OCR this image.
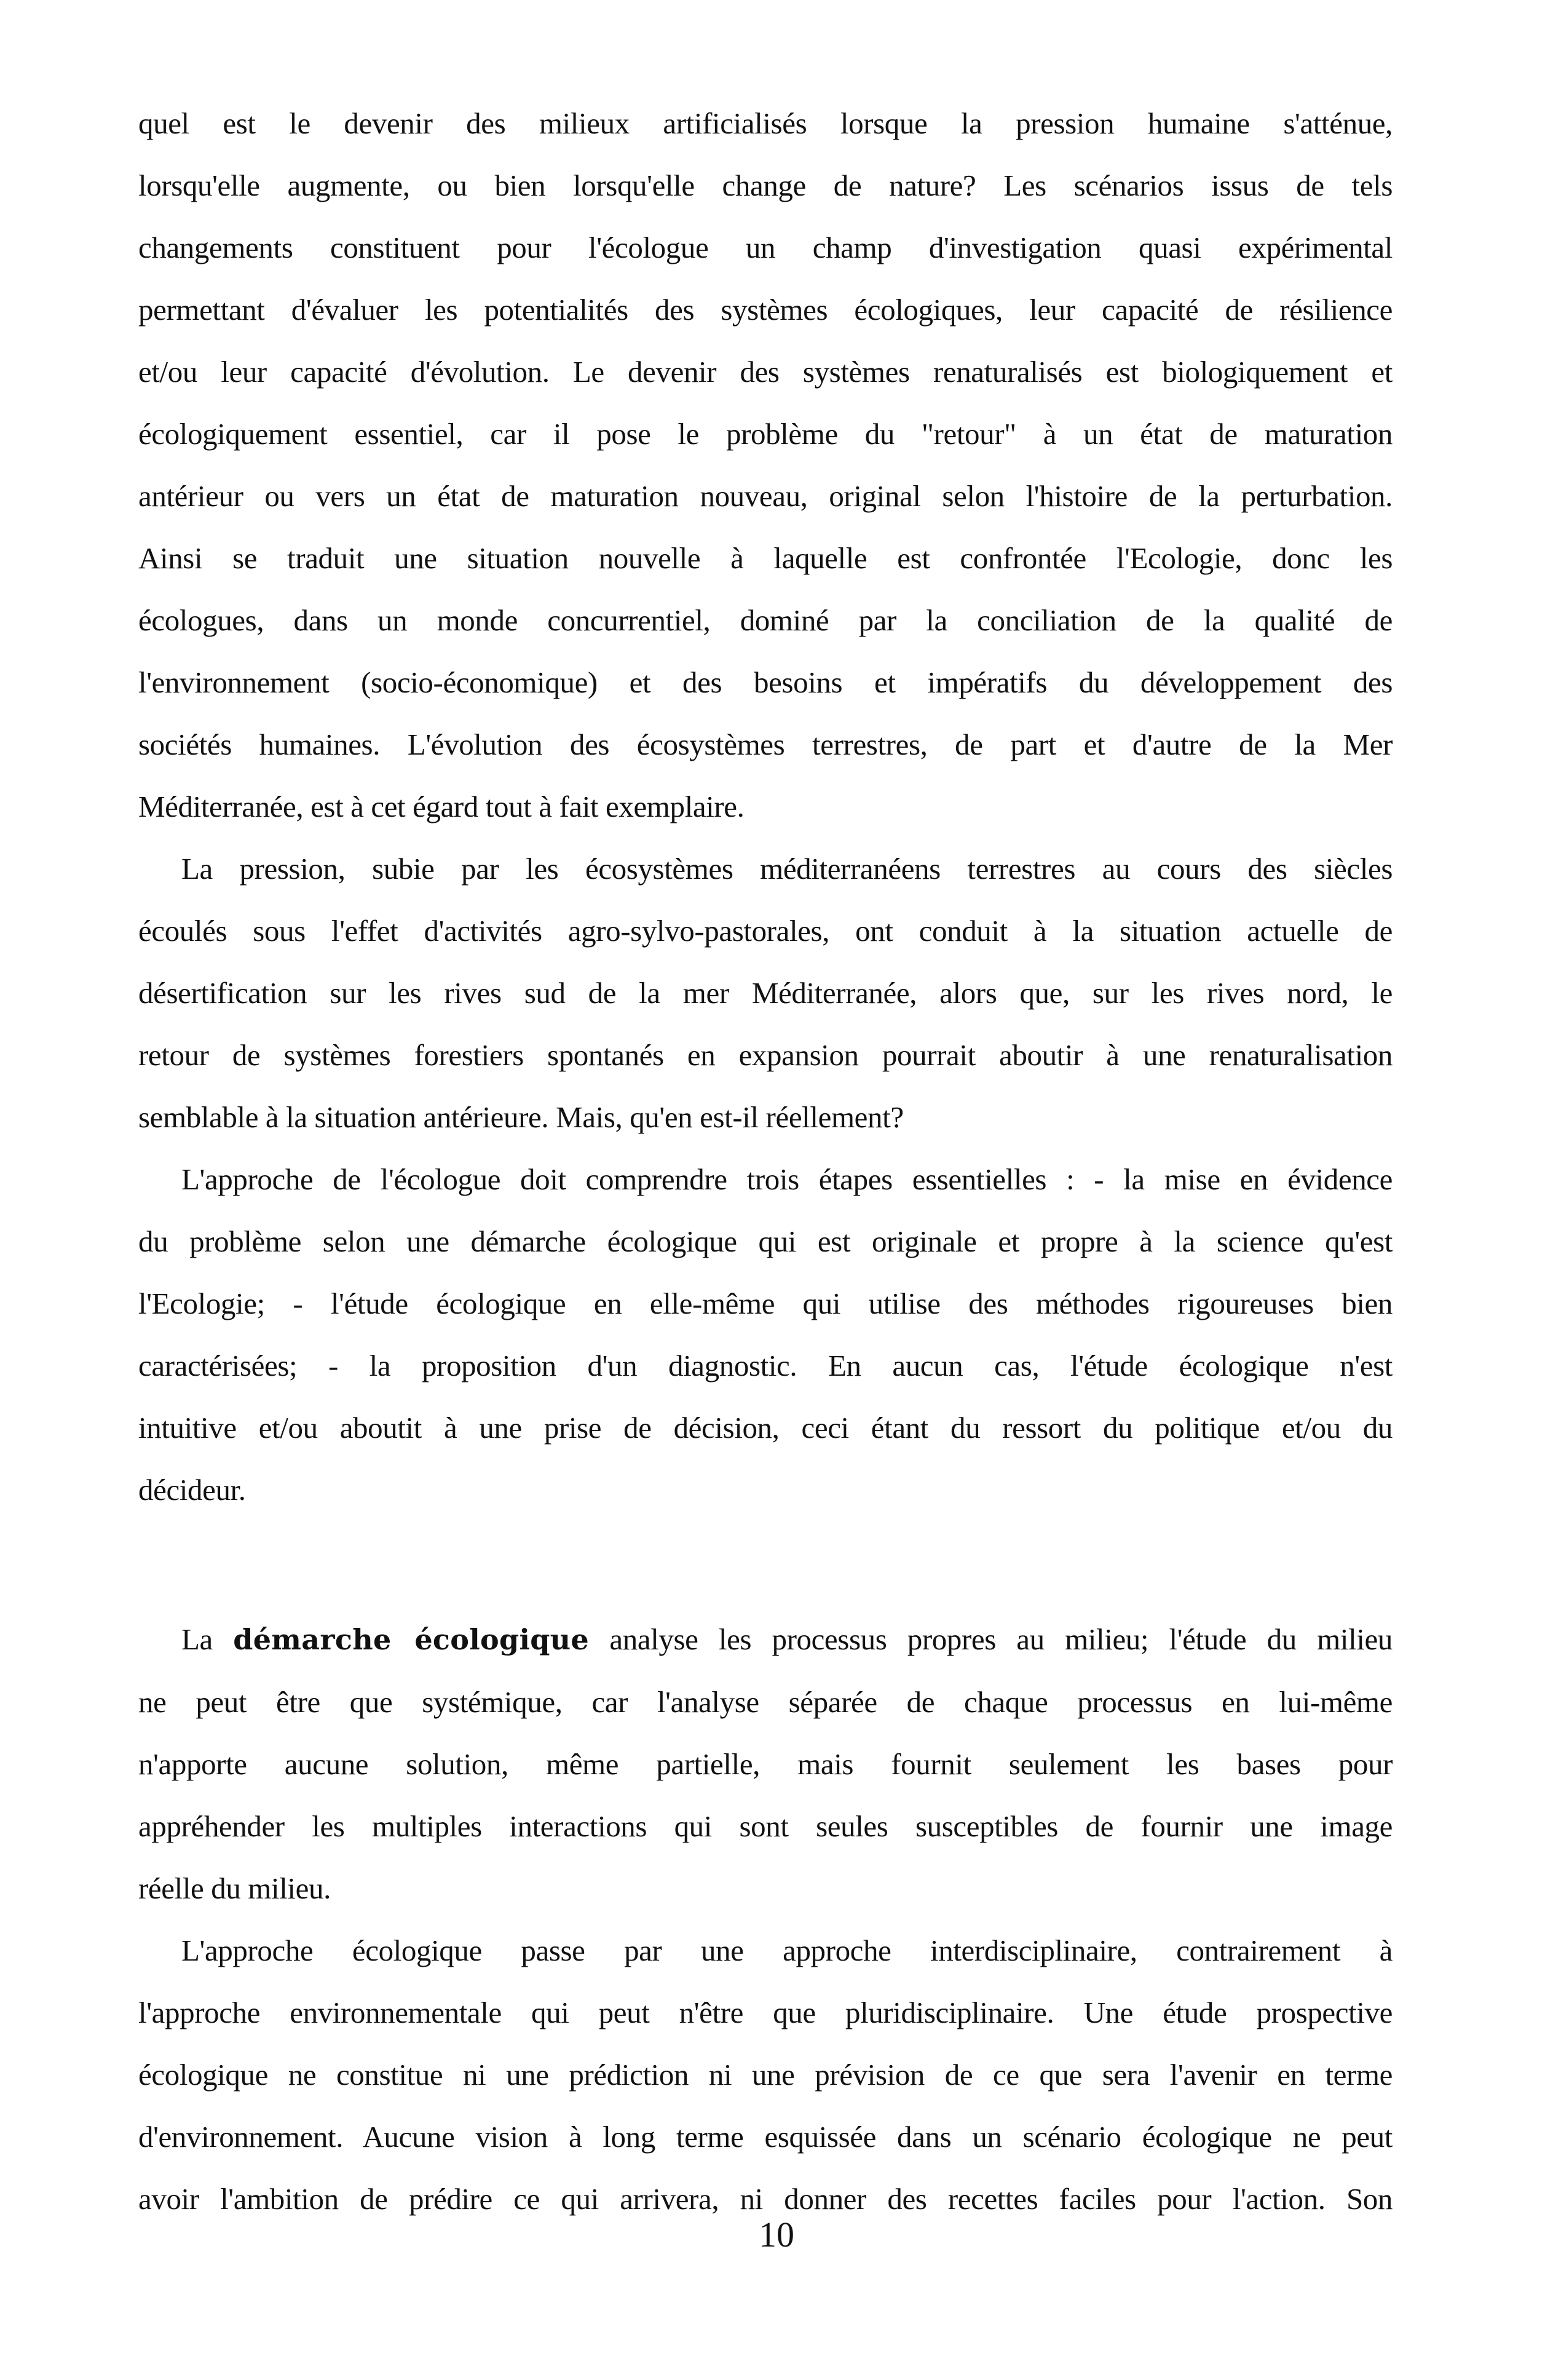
quel est le devenir des milieux artificialisés lorsque la pression humaine s'atténue,
lorsqu'elle augmente, ou bien lorsqu'elle change de nature? Les scénarios issus de tels
changements constituent pour l'écologue un champ d'investigation quasi expérimental
permettant d'évaluer les potentialités des systèmes écologiques, leur capacité de résilience
et/ou leur capacité d'évolution. Le devenir des systèmes renaturalisés est biologiquement et
écologiquement essentiel, car il pose le problème du "retour" à un état de maturation
antérieur ou vers un état de maturation nouveau, original selon l'histoire de la perturbation.
Ainsi se traduit une situation nouvelle à laquelle est confrontée l'Ecologie, donc les
écologues, dans un monde concurrentiel, dominé par la conciliation de la qualité de
l'environnement (socio-économique) et des besoins et impératifs du développement des
sociétés humaines. L'évolution des écosystèmes terrestres, de part et d'autre de la Mer
Méditerranée, est à cet égard tout à fait exemplaire.
La pression, subie par les écosystèmes méditerranéens terrestres au cours des siècles
écoulés sous l'effet d'activités agro-sylvo-pastorales, ont conduit à la situation actuelle de
désertification sur les rives sud de la mer Méditerranée, alors que, sur les rives nord, le
retour de systèmes forestiers spontanés en expansion pourrait aboutir à une renaturalisation
semblable à la situation antérieure. Mais, qu'en est-il réellement?
L'approche de l'écologue doit comprendre trois étapes essentielles : - la mise en évidence
du problème selon une démarche écologique qui est originale et propre à la science qu'est
l'Ecologie; - l'étude écologique en elle-même qui utilise des méthodes rigoureuses bien
caractérisées; - la proposition d'un diagnostic. En aucun cas, l'étude écologique n'est
intuitive et/ou aboutit à une prise de décision, ceci étant du ressort du politique et/ou du
décideur.
La démarche écologique analyse les processus propres au milieu; l'étude du milieu
ne peut être que systémique, car l'analyse séparée de chaque processus en lui-même
n'apporte aucune solution, même partielle, mais fournit seulement les bases pour
appréhender les multiples interactions qui sont seules susceptibles de fournir une image
réelle du milieu.
L'approche écologique passe par une approche interdisciplinaire, contrairement à
l'approche environnementale qui peut n'être que pluridisciplinaire. Une étude prospective
écologique ne constitue ni une prédiction ni une prévision de ce que sera l'avenir en terme
d'environnement. Aucune vision à long terme esquissée dans un scénario écologique ne peut
avoir l'ambition de prédire ce qui arrivera, ni donner des recettes faciles pour l'action. Son
10
